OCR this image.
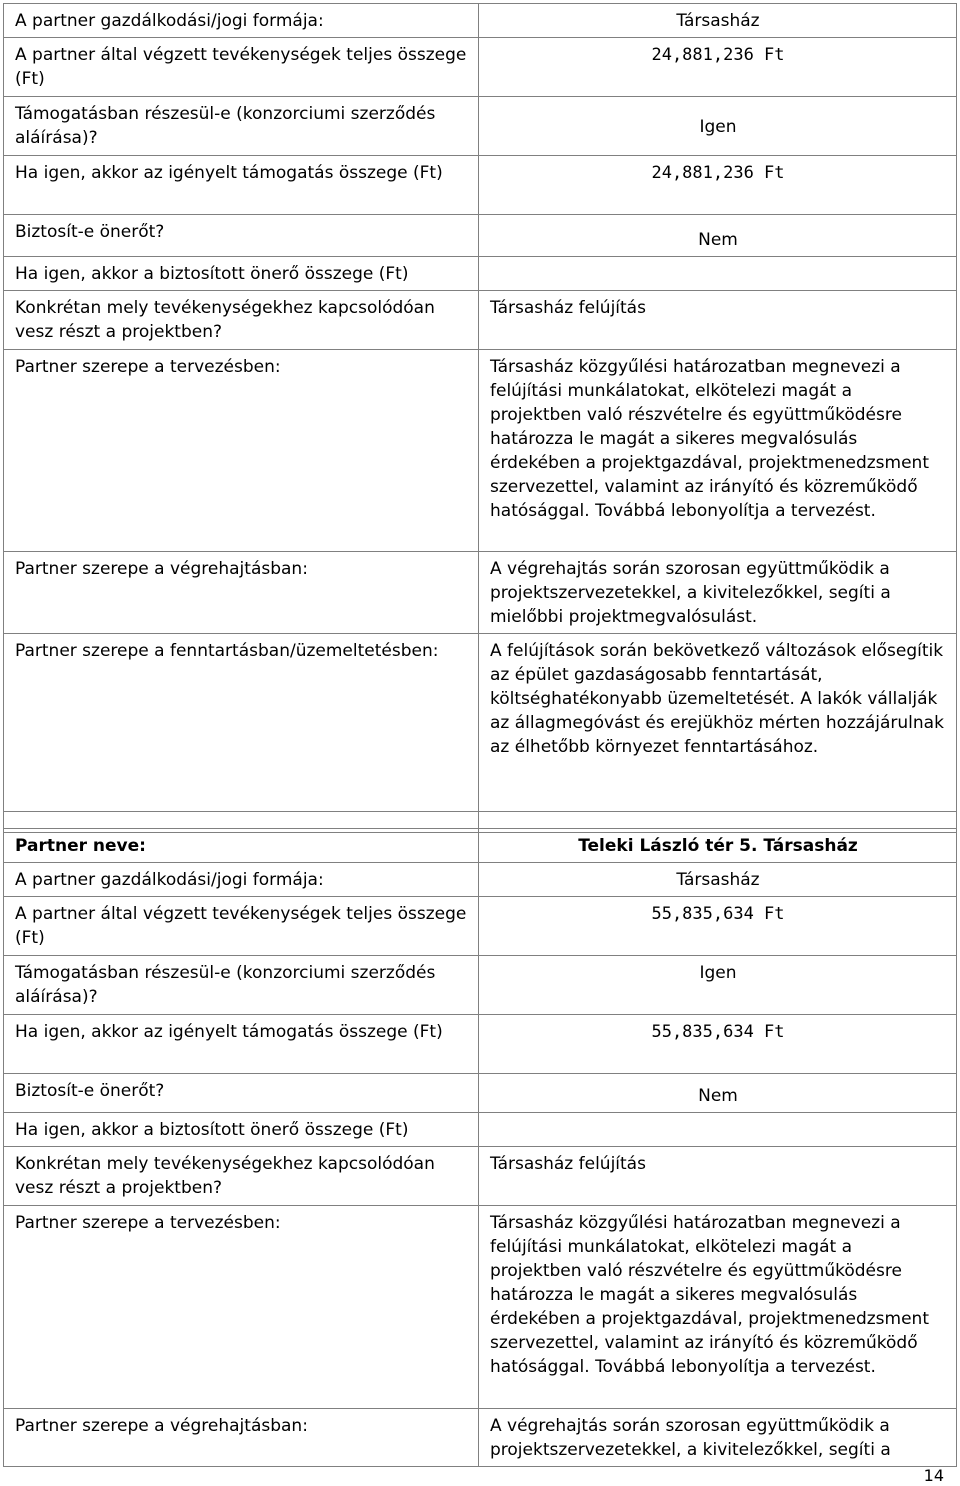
A partner gazdálkodási/jogi formája:	Társasház
A partner által végzett tevékenységek teljes összege (Ft)	24,881,236 Ft
Támogatásban részesül-e (konzorciumi szerződés aláírása)?	Igen
Ha igen, akkor az igényelt támogatás összege (Ft)	24,881,236 Ft
Biztosít-e önerőt?	Nem
Ha igen, akkor a biztosított önerő összege (Ft)	
Konkrétan mely tevékenységekhez kapcsolódóan vesz részt a projektben?	Társasház felújítás
Partner szerepe a tervezésben:	Társasház közgyűlési határozatban megnevezi a felújítási munkálatokat, elkötelezi magát a projektben való részvételre és együttműködésre határozza le magát a sikeres megvalósulás érdekében a projektgazdával, projektmenedzsment szervezettel, valamint az irányító és közreműködő hatósággal. Továbbá lebonyolítja a tervezést.
Partner szerepe a végrehajtásban:	A végrehajtás során szorosan együttműködik a projektszervezetekkel, a kivitelezőkkel, segíti a mielőbbi projektmegvalósulást.
Partner szerepe a fenntartásban/üzemeltetésben:	A felújítások során bekövetkező változások elősegítik az épület gazdaságosabb fenntartását, költséghatékonyabb üzemeltetését. A lakók vállalják az állagmegóvást és erejükhöz mérten hozzájárulnak az élhetőbb környezet fenntartásához.

Partner neve:	Teleki László tér 5. Társasház
A partner gazdálkodási/jogi formája:	Társasház
A partner által végzett tevékenységek teljes összege (Ft)	55,835,634 Ft
Támogatásban részesül-e (konzorciumi szerződés aláírása)?	Igen
Ha igen, akkor az igényelt támogatás összege (Ft)	55,835,634 Ft
Biztosít-e önerőt?	Nem
Ha igen, akkor a biztosított önerő összege (Ft)	
Konkrétan mely tevékenységekhez kapcsolódóan vesz részt a projektben?	Társasház felújítás
Partner szerepe a tervezésben:	Társasház közgyűlési határozatban megnevezi a felújítási munkálatokat, elkötelezi magát a projektben való részvételre és együttműködésre határozza le magát a sikeres megvalósulás érdekében a projektgazdával, projektmenedzsment szervezettel, valamint az irányító és közreműködő hatósággal. Továbbá lebonyolítja a tervezést.
Partner szerepe a végrehajtásban:	A végrehajtás során szorosan együttműködik a projektszervezetekkel, a kivitelezőkkel, segíti a
14
